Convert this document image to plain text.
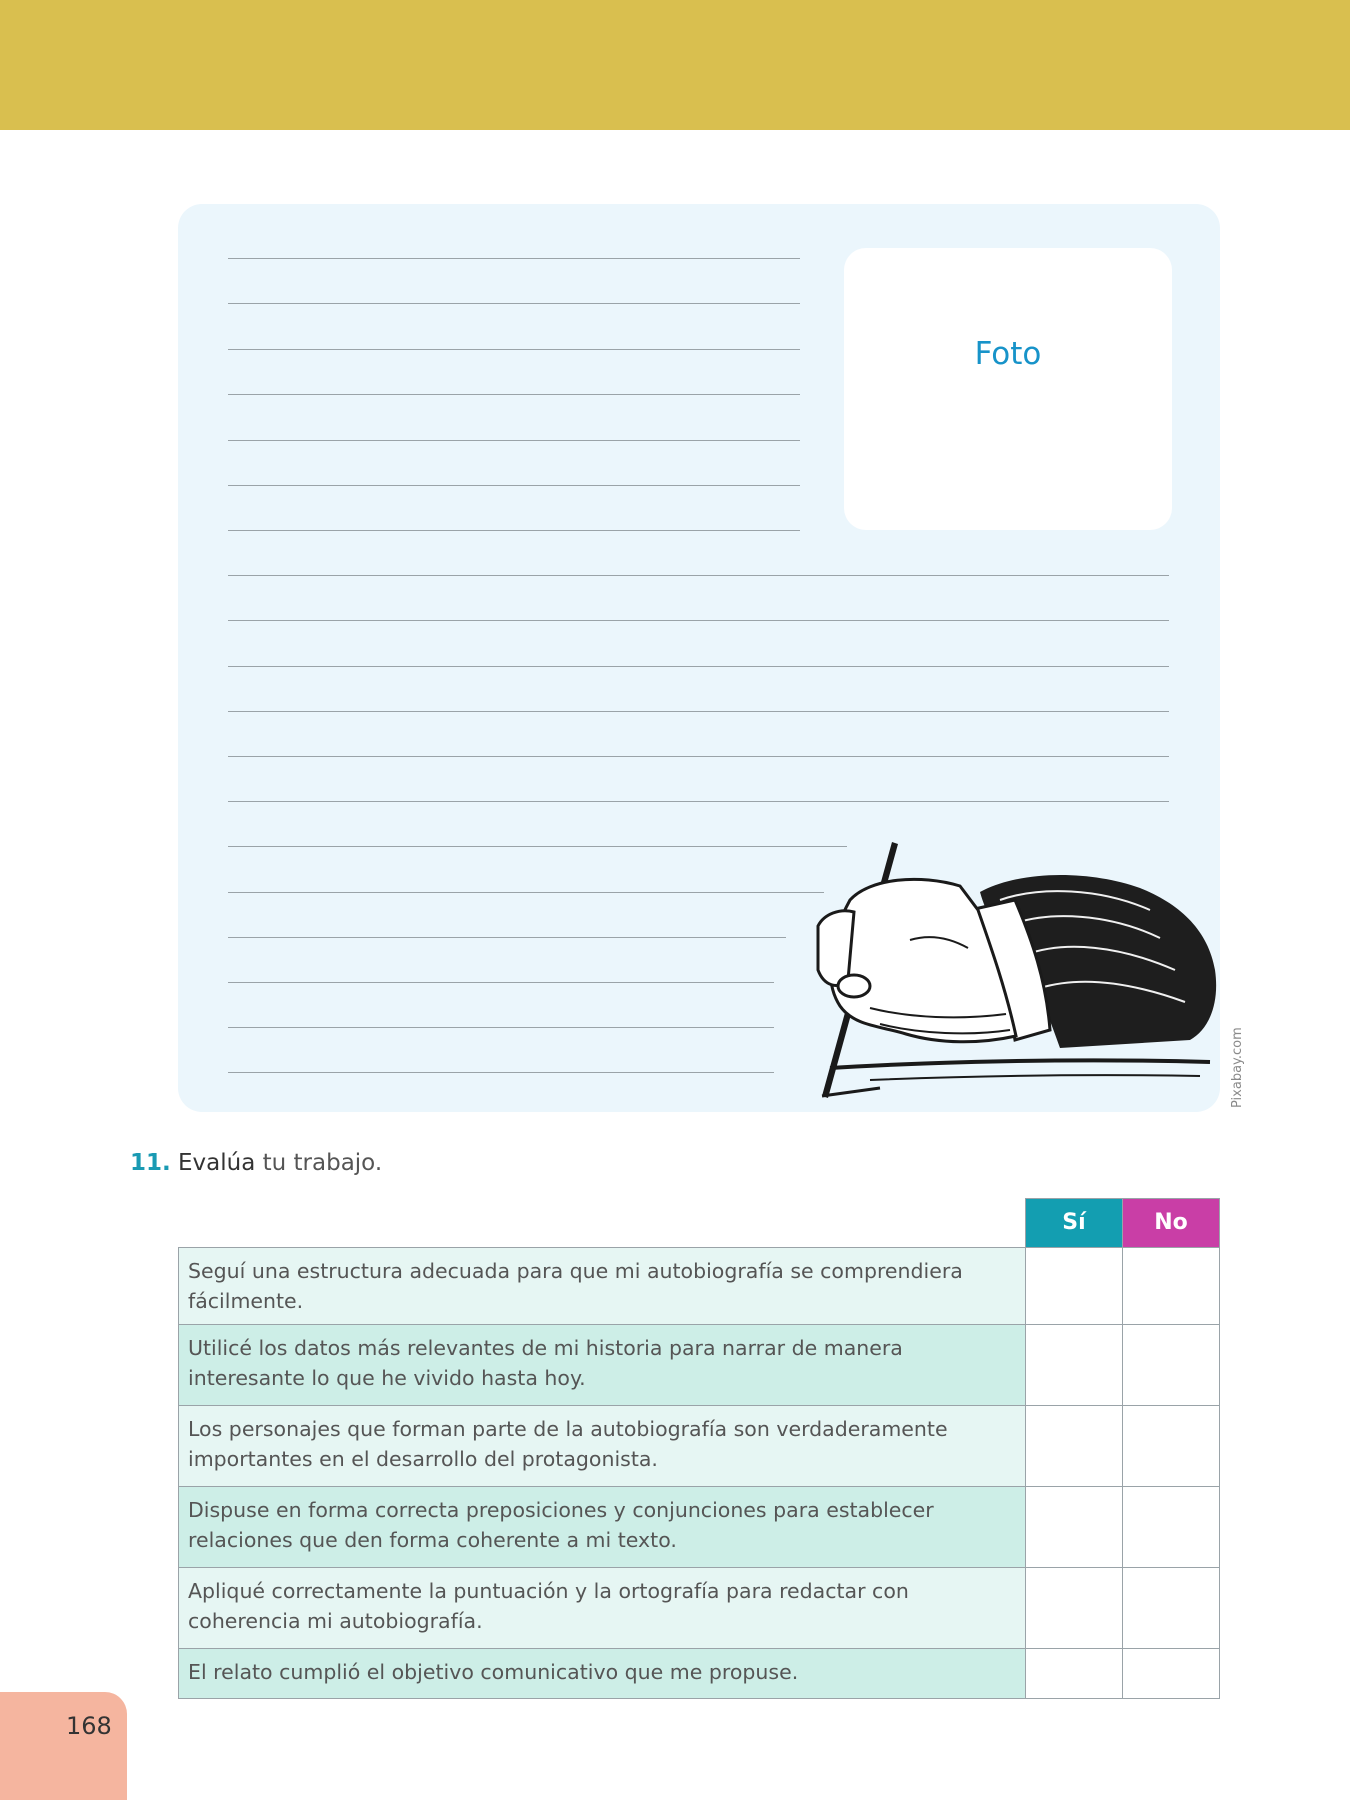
Foto
Pixabay.com
11. Evalúa tu trabajo.
	Sí	No
Seguí una estructura adecuada para que mi autobiografía se comprendiera fácilmente.		
Utilicé los datos más relevantes de mi historia para narrar de manera interesante lo que he vivido hasta hoy.		
Los personajes que forman parte de la autobiografía son verdaderamente importantes en el desarrollo del protagonista.		
Dispuse en forma correcta preposiciones y conjunciones para establecer relaciones que den forma coherente a mi texto.		
Apliqué correctamente la puntuación y la ortografía para redactar con coherencia mi autobiografía.		
El relato cumplió el objetivo comunicativo que me propuse.		
168
